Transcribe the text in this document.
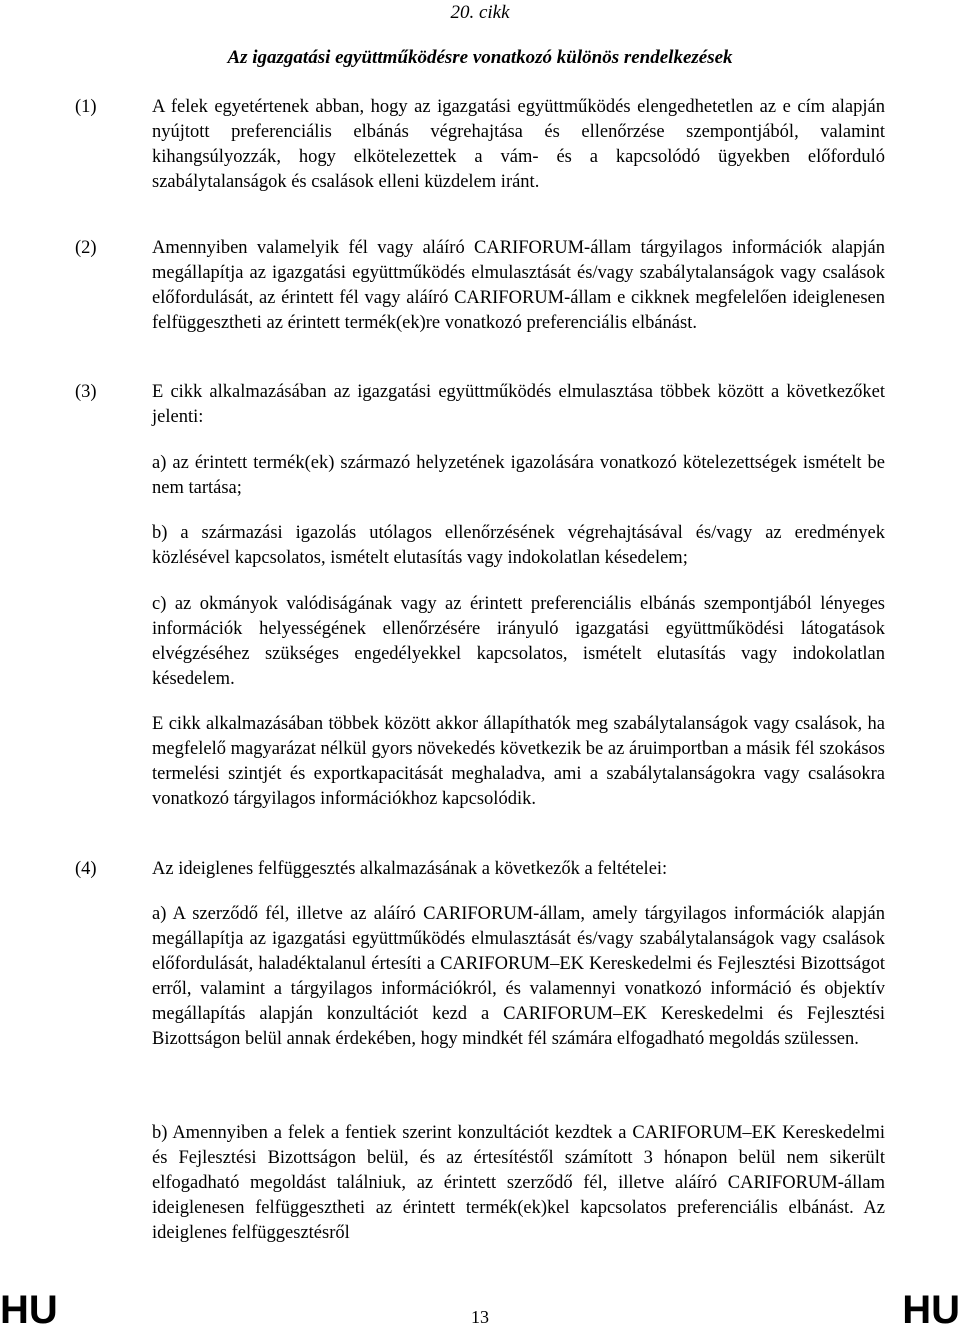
20. cikk
Az igazgatási együttműködésre vonatkozó különös rendelkezések
(1)	A felek egyetértenek abban, hogy az igazgatási együttműködés elengedhetetlen az e cím alapján nyújtott preferenciális elbánás végrehajtása és ellenőrzése szempontjából, valamint kihangsúlyozzák, hogy elkötelezettek a vám- és a kapcsolódó ügyekben előforduló szabálytalanságok és csalások elleni küzdelem iránt.
(2)	Amennyiben valamelyik fél vagy aláíró CARIFORUM-állam tárgyilagos információk alapján megállapítja az igazgatási együttműködés elmulasztását és/vagy szabálytalanságok vagy csalások előfordulását, az érintett fél vagy aláíró CARIFORUM-állam e cikknek megfelelően ideiglenesen felfüggesztheti az érintett termék(ek)re vonatkozó preferenciális elbánást.
(3)	E cikk alkalmazásában az igazgatási együttműködés elmulasztása többek között a következőket jelenti:
a) az érintett termék(ek) származó helyzetének igazolására vonatkozó kötelezettségek ismételt be nem tartása;
b) a származási igazolás utólagos ellenőrzésének végrehajtásával és/vagy az eredmények közlésével kapcsolatos, ismételt elutasítás vagy indokolatlan késedelem;
c) az okmányok valódiságának vagy az érintett preferenciális elbánás szempontjából lényeges információk helyességének ellenőrzésére irányuló igazgatási együttműködési látogatások elvégzéséhez szükséges engedélyekkel kapcsolatos, ismételt elutasítás vagy indokolatlan késedelem.
E cikk alkalmazásában többek között akkor állapíthatók meg szabálytalanságok vagy csalások, ha megfelelő magyarázat nélkül gyors növekedés következik be az áruimportban a másik fél szokásos termelési szintjét és exportkapacitását meghaladva, ami a szabálytalanságokra vagy csalásokra vonatkozó tárgyilagos információkhoz kapcsolódik.
(4)	Az ideiglenes felfüggesztés alkalmazásának a következők a feltételei:
a) A szerződő fél, illetve az aláíró CARIFORUM-állam, amely tárgyilagos információk alapján megállapítja az igazgatási együttműködés elmulasztását és/vagy szabálytalanságok vagy csalások előfordulását, haladéktalanul értesíti a CARIFORUM–EK Kereskedelmi és Fejlesztési Bizottságot erről, valamint a tárgyilagos információkról, és valamennyi vonatkozó információ és objektív megállapítás alapján konzultációt kezd a CARIFORUM–EK Kereskedelmi és Fejlesztési Bizottságon belül annak érdekében, hogy mindkét fél számára elfogadható megoldás szülessen.
b) Amennyiben a felek a fentiek szerint konzultációt kezdtek a CARIFORUM–EK Kereskedelmi és Fejlesztési Bizottságon belül, és az értesítéstől számított 3 hónapon belül nem sikerült elfogadható megoldást találniuk, az érintett szerződő fél, illetve aláíró CARIFORUM-állam ideiglenesen felfüggesztheti az érintett termék(ek)kel kapcsolatos preferenciális elbánást. Az ideiglenes felfüggesztésről
HU	13	HU
